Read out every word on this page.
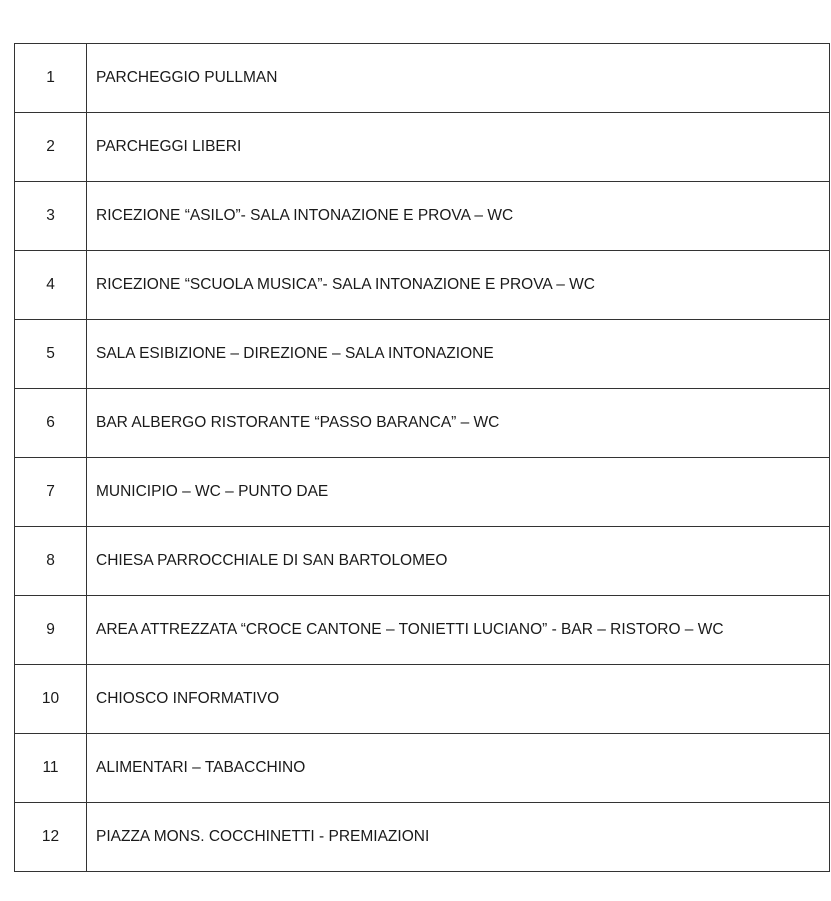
1	PARCHEGGIO PULLMAN
2	PARCHEGGI LIBERI
3	RICEZIONE “ASILO”- SALA INTONAZIONE E PROVA – WC
4	RICEZIONE “SCUOLA MUSICA”- SALA INTONAZIONE E PROVA – WC
5	SALA ESIBIZIONE – DIREZIONE – SALA INTONAZIONE
6	BAR ALBERGO RISTORANTE “PASSO BARANCA” – WC
7	MUNICIPIO – WC – PUNTO DAE
8	CHIESA PARROCCHIALE DI SAN BARTOLOMEO
9	AREA ATTREZZATA “CROCE CANTONE – TONIETTI LUCIANO” - BAR – RISTORO – WC
10	CHIOSCO INFORMATIVO
11	ALIMENTARI – TABACCHINO
12	PIAZZA MONS. COCCHINETTI - PREMIAZIONI
